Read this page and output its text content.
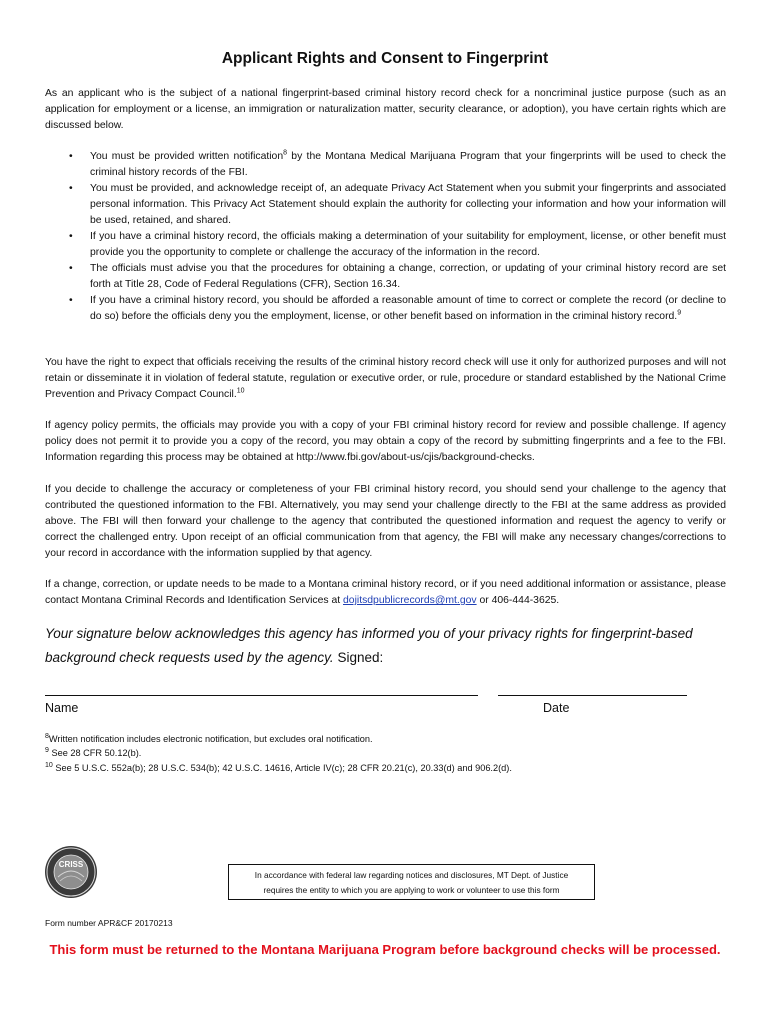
Applicant Rights and Consent to Fingerprint

As an applicant who is the subject of a national fingerprint-based criminal history record check for a noncriminal justice purpose (such as an application for employment or a license, an immigration or naturalization matter, security clearance, or adoption), you have certain rights which are discussed below.

• You must be provided written notification$^8$ by the Montana Medical Marijuana Program that your fingerprints will be used to check the criminal history records of the FBI.
• You must be provided, and acknowledge receipt of, an adequate Privacy Act Statement when you submit your fingerprints and associated personal information. This Privacy Act Statement should explain the authority for collecting your information and how your information will be used, retained, and shared.
• If you have a criminal history record, the officials making a determination of your suitability for employment, license, or other benefit must provide you the opportunity to complete or challenge the accuracy of the information in the record.
• The officials must advise you that the procedures for obtaining a change, correction, or updating of your criminal history record are set forth at Title 28, Code of Federal Regulations (CFR), Section 16.34.
• If you have a criminal history record, you should be afforded a reasonable amount of time to correct or complete the record (or decline to do so) before the officials deny you the employment, license, or other benefit based on information in the criminal history record.$^9$

You have the right to expect that officials receiving the results of the criminal history record check will use it only for authorized purposes and will not retain or disseminate it in violation of federal statute, regulation or executive order, or rule, procedure or standard established by the National Crime Prevention and Privacy Compact Council.$^{10}$

If agency policy permits, the officials may provide you with a copy of your FBI criminal history record for review and possible challenge. If agency policy does not permit it to provide you a copy of the record, you may obtain a copy of the record by submitting fingerprints and a fee to the FBI. Information regarding this process may be obtained at http://www.fbi.gov/about-us/cjis/background-checks.

If you decide to challenge the accuracy or completeness of your FBI criminal history record, you should send your challenge to the agency that contributed the questioned information to the FBI. Alternatively, you may send your challenge directly to the FBI at the same address as provided above. The FBI will then forward your challenge to the agency that contributed the questioned information and request the agency to verify or correct the challenged entry. Upon receipt of an official communication from that agency, the FBI will make any necessary changes/corrections to your record in accordance with the information supplied by that agency.

If a change, correction, or update needs to be made to a Montana criminal history record, or if you need additional information or assistance, please contact Montana Criminal Records and Identification Services at dojitsdpublicrecords@mt.gov or 406-444-3625.

Your signature below acknowledges this agency has informed you of your privacy rights for fingerprint-based background check requests used by the agency. Signed:

Name	Date
$^8$Written notification includes electronic notification, but excludes oral notification.
$^9$ See 28 CFR 50.12(b).
$^{10}$ See 5 U.S.C. 552a(b); 28 U.S.C. 534(b); 42 U.S.C. 14616, Article IV(c); 28 CFR 20.21(c), 20.33(d) and 906.2(d).
CRISS
In accordance with federal law regarding notices and disclosures, MT Dept. of Justice
requires the entity to which you are applying to work or volunteer to use this form
Form number APR&CF 20170213
This form must be returned to the Montana Marijuana Program before background checks will be processed.
